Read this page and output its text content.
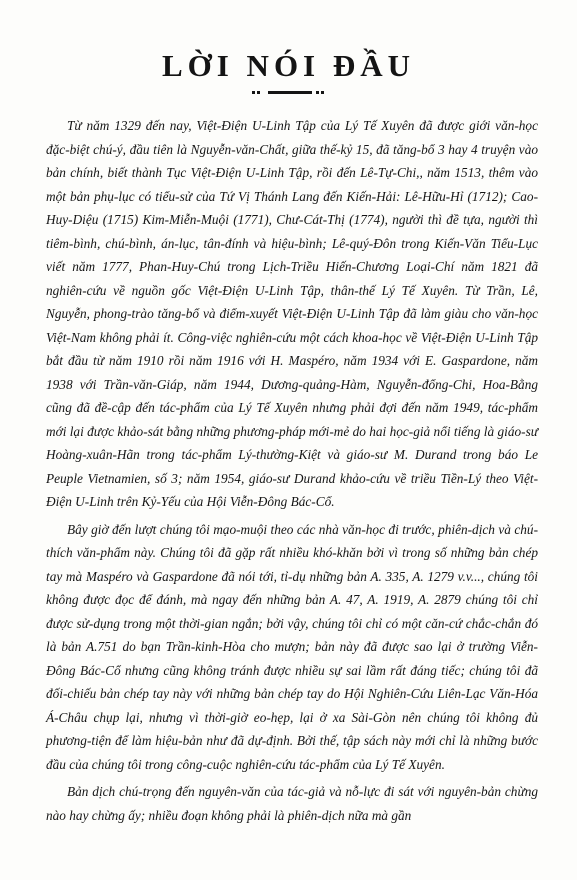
LỜI NÓI ĐẦU

Từ năm 1329 đến nay, Việt-Điện U-Linh Tập của Lý Tế Xuyên đã được giới văn-học đặc-biệt chú-ý, đầu tiên là Nguyễn-văn-Chất, giữa thế-kỷ 15, đã tăng-bổ 3 hay 4 truyện vào bản chính, biết thành Tục Việt-Điện U-Linh Tập, rồi đến Lê-Tự-Chi,, năm 1513, thêm vào một bản phụ-lục có tiểu-sử của Tứ Vị Thánh Lang đến Kiến-Hải: Lê-Hữu-Hỉ (1712); Cao-Huy-Diệu (1715) Kim-Miễn-Muội (1771), Chư-Cát-Thị (1774), người thì đề tựa, người thì tiêm-bình, chú-bình, án-lục, tân-đính và hiệu-bình; Lê-quý-Đôn trong Kiến-Văn Tiểu-Lục viết năm 1777, Phan-Huy-Chú trong Lịch-Triều Hiến-Chương Loại-Chí năm 1821 đã nghiên-cứu về nguồn gốc Việt-Điện U-Linh Tập, thân-thế Lý Tế Xuyên. Từ Trần, Lê, Nguyễn, phong-trào tăng-bổ và điểm-xuyết Việt-Điện U-Linh Tập đã làm giàu cho văn-học Việt-Nam không phải ít. Công-việc nghiên-cứu một cách khoa-học về Việt-Điện U-Linh Tập bắt đầu từ năm 1910 rồi năm 1916 với H. Maspéro, năm 1934 với E. Gaspardone, năm 1938 với Trần-văn-Giáp, năm 1944, Dương-quảng-Hàm, Nguyễn-đổng-Chi, Hoa-Bằng cũng đã đề-cập đến tác-phẩm của Lý Tế Xuyên nhưng phải đợi đến năm 1949, tác-phẩm mới lại được khảo-sát bằng những phương-pháp mới-mẻ do hai học-giả nổi tiếng là giáo-sư Hoàng-xuân-Hãn trong tác-phẩm Lý-thường-Kiệt và giáo-sư M. Durand trong báo Le Peuple Vietnamien, số 3; năm 1954, giáo-sư Durand khảo-cứu về triều Tiền-Lý theo Việt-Điện U-Linh trên Kỷ-Yếu của Hội Viễn-Đông Bác-Cổ.

Bây giờ đến lượt chúng tôi mạo-muội theo các nhà văn-học đi trước, phiên-dịch và chú-thích văn-phẩm này. Chúng tôi đã gặp rất nhiều khó-khăn bởi vì trong số những bản chép tay mà Maspéro và Gaspardone đã nói tới, tỉ-dụ những bản A. 335, A. 1279 v.v..., chúng tôi không được đọc để đánh, mà ngay đến những bản A. 47, A. 1919, A. 2879 chúng tôi chỉ được sử-dụng trong một thời-gian ngắn; bởi vậy, chúng tôi chỉ có một căn-cứ chắc-chắn đó là bản A.751 do bạn Trần-kinh-Hòa cho mượn; bản này đã được sao lại ở trường Viễn-Đông Bác-Cổ nhưng cũng không tránh được nhiều sự sai lầm rất đáng tiếc; chúng tôi đã đối-chiếu bản chép tay này với những bản chép tay do Hội Nghiên-Cứu Liên-Lạc Văn-Hóa Á-Châu chụp lại, nhưng vì thời-giờ eo-hẹp, lại ở xa Sài-Gòn nên chúng tôi không đủ phương-tiện để làm hiệu-bản như đã dự-định. Bởi thế, tập sách này mới chỉ là những bước đầu của chúng tôi trong công-cuộc nghiên-cứu tác-phẩm của Lý Tế Xuyên.

Bản dịch chú-trọng đến nguyên-văn của tác-giả và nỗ-lực đi sát với nguyên-bản chừng nào hay chừng ấy; nhiều đoạn không phải là phiên-dịch nữa mà gần
